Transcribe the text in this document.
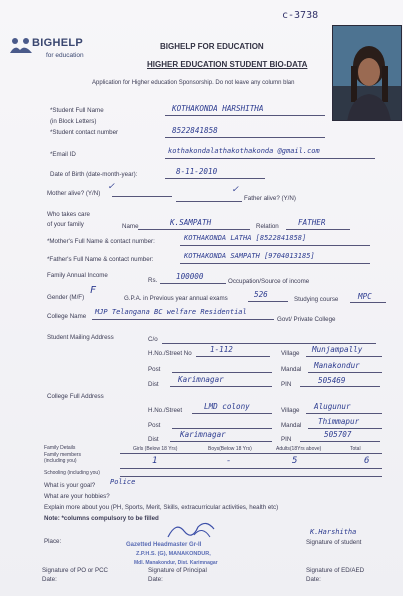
c-3738
BIGHELP
for education
BIGHELP FOR EDUCATION
HIGHER EDUCATION STUDENT BIO-DATA
Application for Higher education Sponsorship. Do not leave any column blan
*Student Full Name
(in Block Letters)
KOTHAKONDA HARSHITHA
*Student contact number	8522841858
*Email ID	kothakondalathakothakonda @gmail.com
Date of Birth (date-month-year):	8-11-2010
Mother alive? (Y/N)
✓
Father alive? (Y/N)
✓
Who takes care
of your family	Name	K.SAMPATH	Relation	FATHER
*Mother's Full Name & contact number:	KOTHAKONDA LATHA [8522841858]
*Father's Full Name & contact number:	KOTHAKONDA SAMPATH [9704013185]
Family Annual Income
Rs. 100000
Occupation/Source of income
Gender (M/F)
F
G.P.A. in Previous year annual exams	526
Studying course	MPC
College Name
MJP Telangana BC welfare Residential
Govt/ Private College
Student Mailing Address	C/o
H.No./Street No 1-112	Village Munjampally
Post	Mandal Manakondur
Dist
Karimnagar
PIN	505469
College Full Address
H.No./Street	LMD colony	Village Alugunur
Post	Mandal Thimmapur
Dist
Karimnagar
PIN
505707
Family Details
Family members (including you)
Schooling (including you)
Girls (Below 18 Yrs)	Boys(Below 18 Yrs)	Adults(18Yrs above)	Total
1	-	5	6
What is your goal? Police
What are your hobbies?
Explain more about you (PH, Sports, Merit, Skills, extracurricular activities, health etc)
Note: *columns compulsory to be filled
Place:
K.Harshitha
Signature of student
Gazetted Headmaster Gr-II
Z.P.H.S. (G), MANAKONDUR,
Mdl. Manakondur, Dist. Karimnagar
Signature of PO or PCC
Date:
Signature of Principal
Date:
Signature of ED/AED
Date:
